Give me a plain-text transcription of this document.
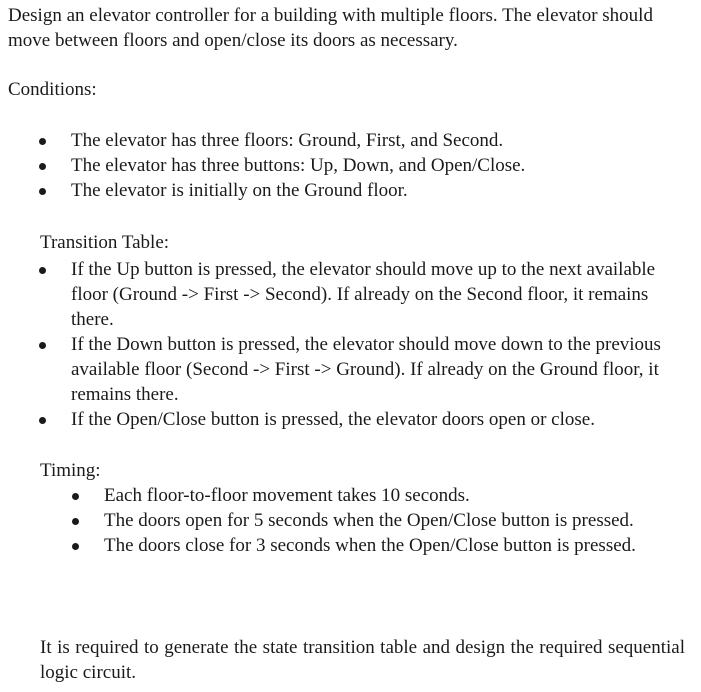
Design an elevator controller for a building with multiple floors. The elevator should move between floors and open/close its doors as necessary.

Conditions:

The elevator has three floors: Ground, First, and Second.
The elevator has three buttons: Up, Down, and Open/Close.
The elevator is initially on the Ground floor.

Transition Table:

If the Up button is pressed, the elevator should move up to the next available floor (Ground -> First -> Second). If already on the Second floor, it remains there.
If the Down button is pressed, the elevator should move down to the previous available floor (Second -> First -> Ground). If already on the Ground floor, it remains there.
If the Open/Close button is pressed, the elevator doors open or close.

Timing:

Each floor-to-floor movement takes 10 seconds.
The doors open for 5 seconds when the Open/Close button is pressed.
The doors close for 3 seconds when the Open/Close button is pressed.

It is required to generate the state transition table and design the required sequential logic circuit.
